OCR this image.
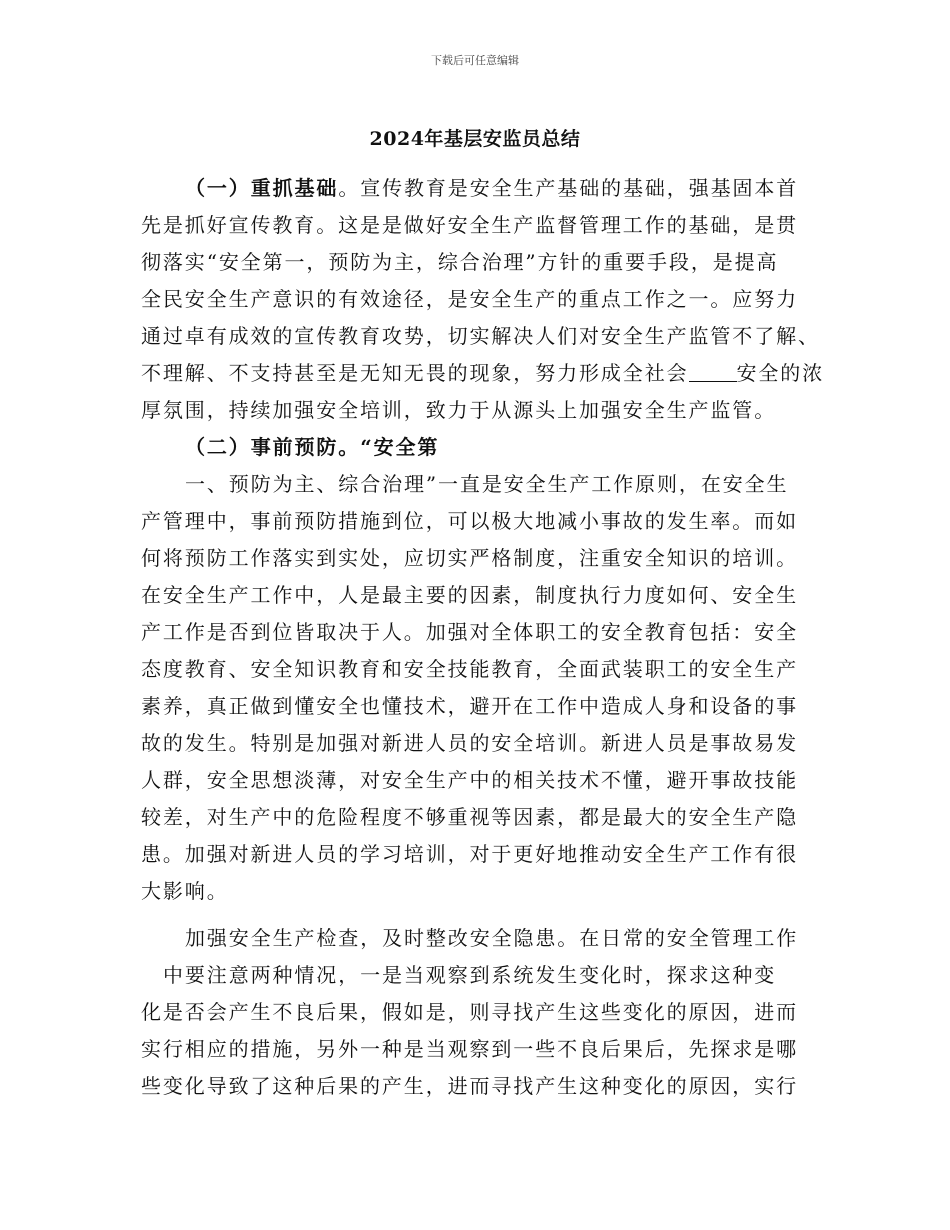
下载后可任意编辑
2024年基层安监员总结
（一）重抓基础。宣传教育是安全生产基础的基础，强基固本首
先是抓好宣传教育。这是是做好安全生产监督管理工作的基础，是贯
彻落实“安全第一，预防为主，综合治理”方针的重要手段，是提高
全民安全生产意识的有效途径，是安全生产的重点工作之一。应努力
通过卓有成效的宣传教育攻势，切实解决人们对安全生产监管不了解、
不理解、不支持甚至是无知无畏的现象，努力形成全社会 安全的浓
厚氛围，持续加强安全培训，致力于从源头上加强安全生产监管。
（二）事前预防。“安全第
一、预防为主、综合治理”一直是安全生产工作原则，在安全生
产管理中，事前预防措施到位，可以极大地减小事故的发生率。而如
何将预防工作落实到实处，应切实严格制度，注重安全知识的培训。
在安全生产工作中，人是最主要的因素，制度执行力度如何、安全生
产工作是否到位皆取决于人。加强对全体职工的安全教育包括：安全
态度教育、安全知识教育和安全技能教育，全面武装职工的安全生产
素养，真正做到懂安全也懂技术，避开在工作中造成人身和设备的事
故的发生。特别是加强对新进人员的安全培训。新进人员是事故易发
人群，安全思想淡薄，对安全生产中的相关技术不懂，避开事故技能
较差，对生产中的危险程度不够重视等因素，都是最大的安全生产隐
患。加强对新进人员的学习培训，对于更好地推动安全生产工作有很
大影响。
加强安全生产检查，及时整改安全隐患。在日常的安全管理工作
中要注意两种情况，一是当观察到系统发生变化时，探求这种变
化是否会产生不良后果，假如是，则寻找产生这些变化的原因，进而
实行相应的措施，另外一种是当观察到一些不良后果后，先探求是哪
些变化导致了这种后果的产生，进而寻找产生这种变化的原因，实行
